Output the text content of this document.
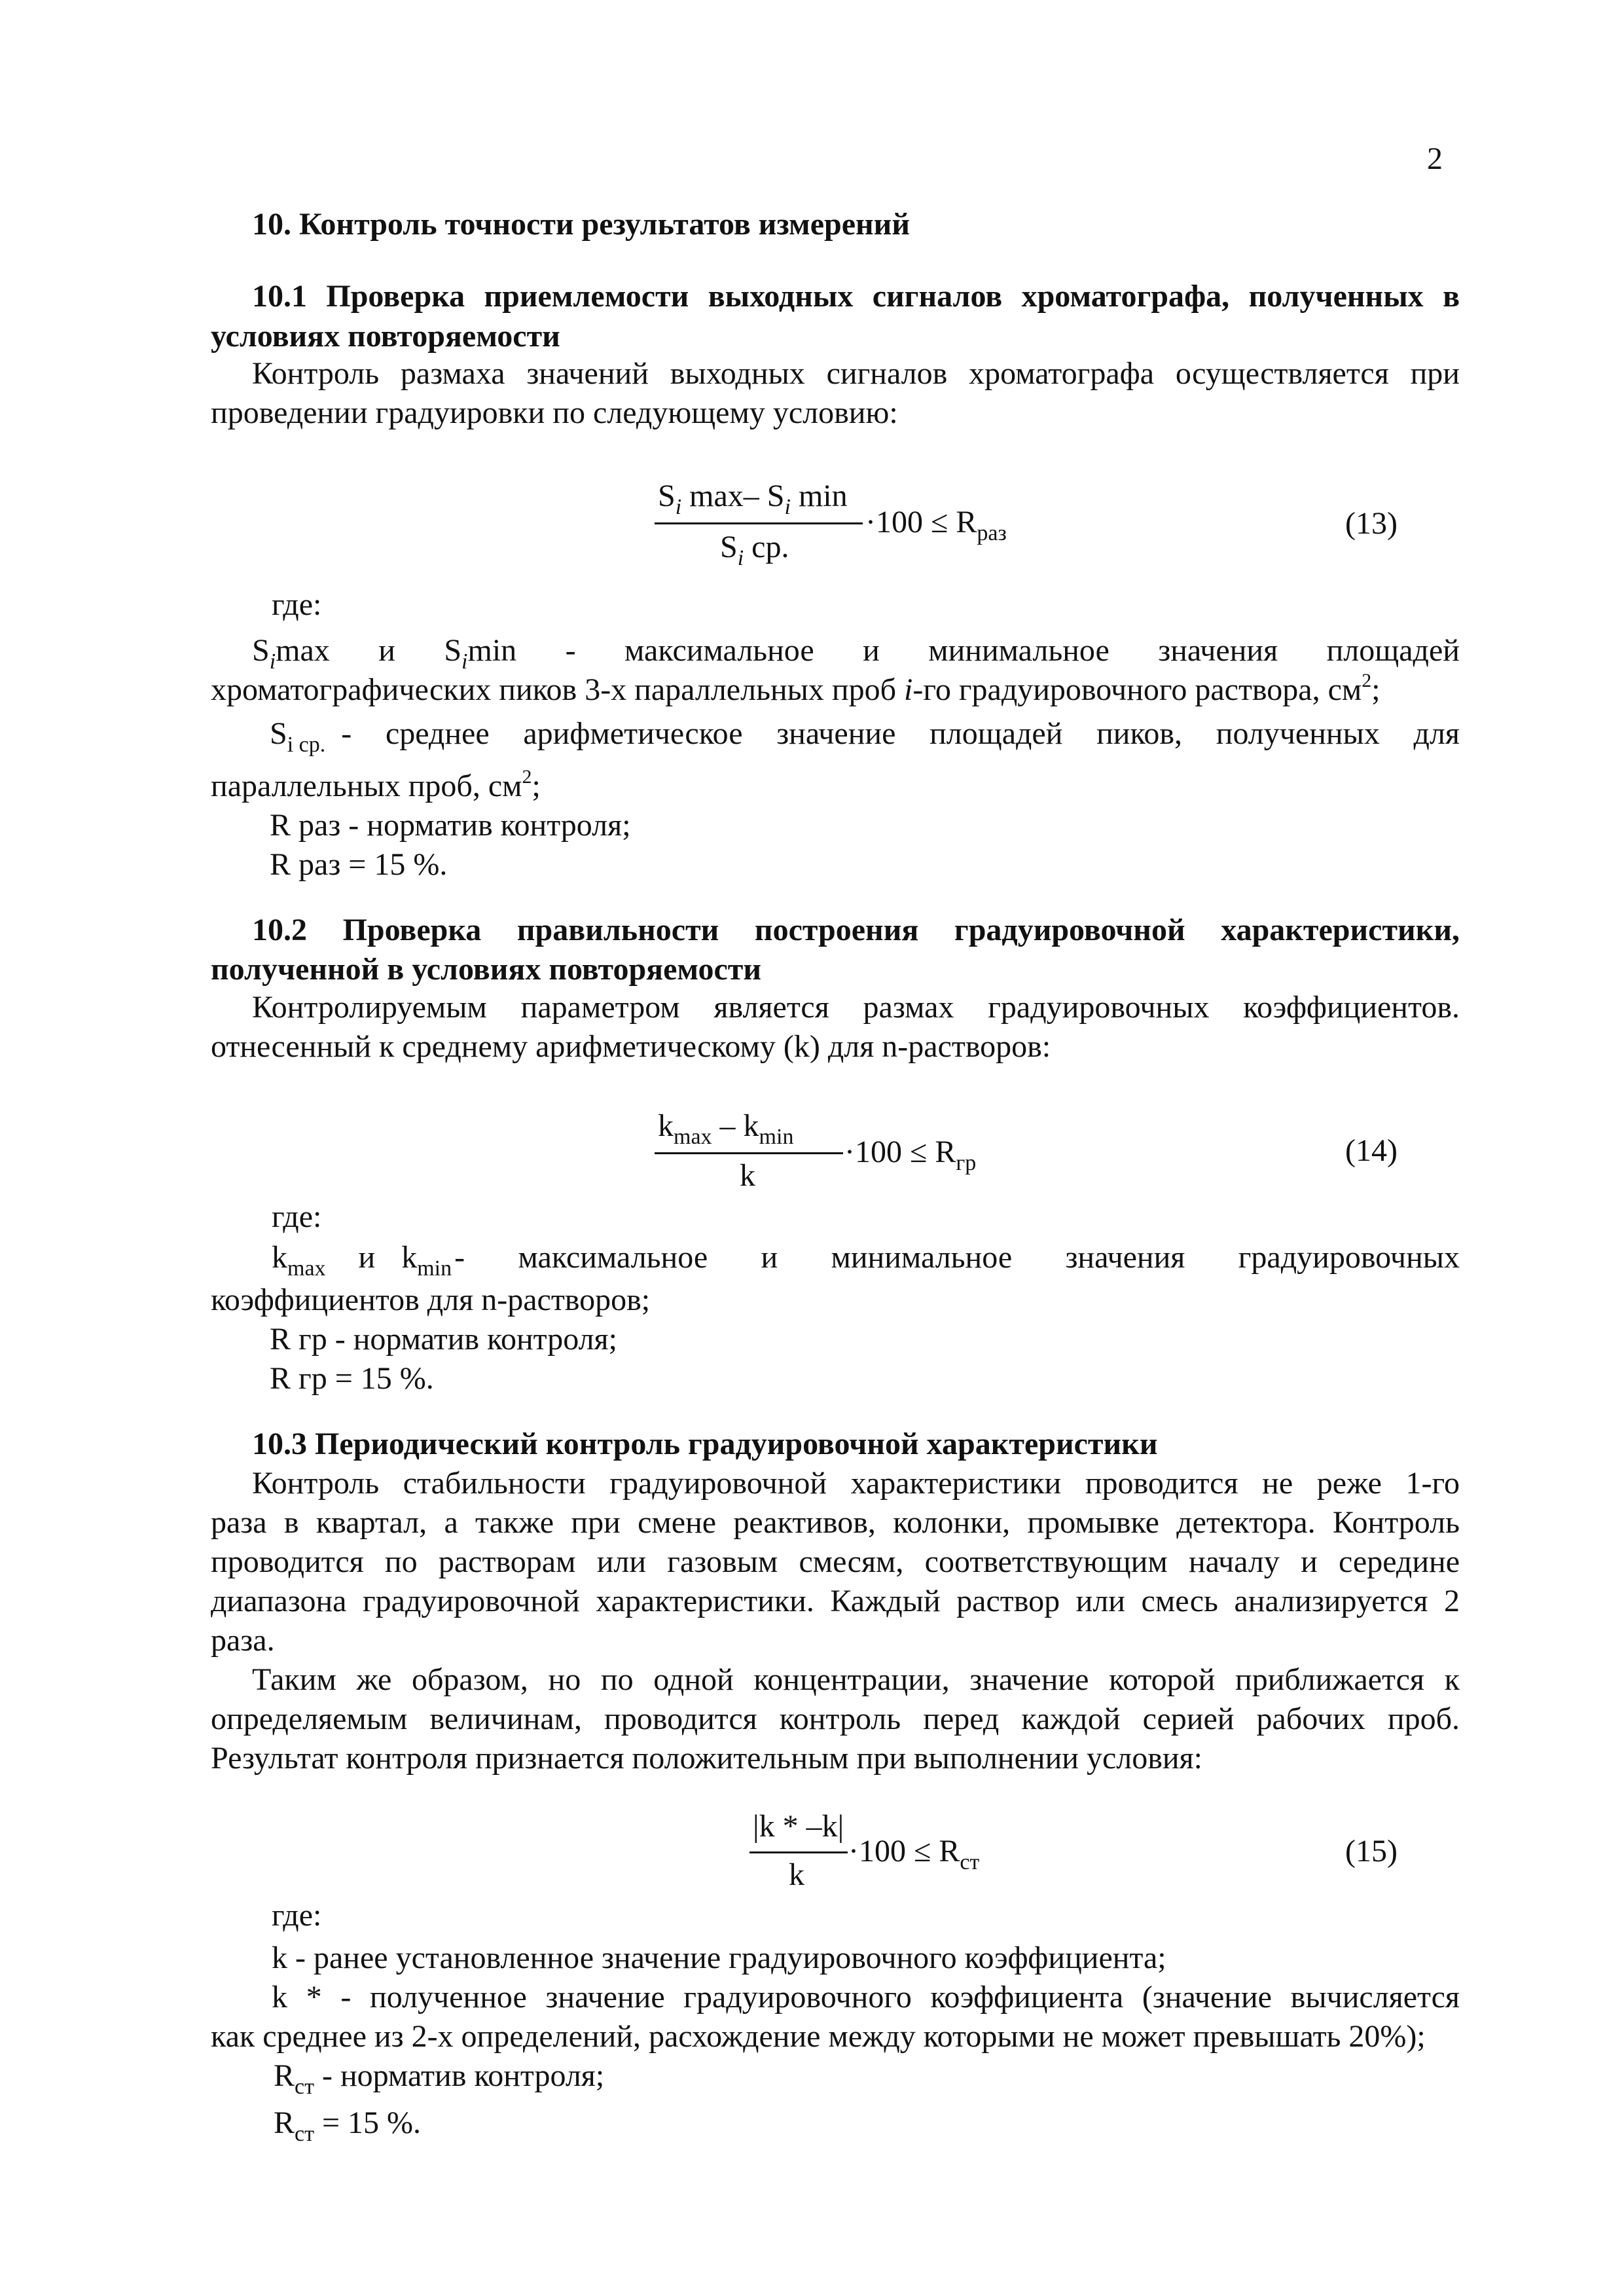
2
10. Контроль точности результатов измерений
10.1 Проверка приемлемости выходных сигналов хроматографа, полученных в
условиях повторяемости
Контроль размаха значений выходных сигналов хроматографа осуществляется при
проведении градуировки по следующему условию:
$S_i$ max– $S_i$ min
$S_i$ ср.
$\cdot 100 \le R_{раз}$	(13)
где:
$S_i\max$ и $S_i\min$ - максимальное и минимальное значения площадей
хроматографических пиков 3-х параллельных проб i-го градуировочного раствора, $см^2$;
$S_{i ср.}$ - среднее арифметическое значение площадей пиков, полученных для
параллельных проб, $см^2$;
R раз - норматив контроля;
R раз = 15 %.
10.2 Проверка правильности построения градуировочной характеристики,
полученной в условиях повторяемости
Контролируемым параметром является размах градуировочных коэффициентов.
отнесенный к среднему арифметическому (k) для n-растворов:
$k_{max} - k_{min}$
k
$\cdot 100 \le R_{гр}$	(14)
где:
$k_{max}$ и $k_{min}$ - максимальное и минимальное значения градуировочных
коэффициентов для n-растворов;
R гр - норматив контроля;
R гр = 15 %.
10.3 Периодический контроль градуировочной характеристики
Контроль стабильности градуировочной характеристики проводится не реже 1-го
раза в квартал, а также при смене реактивов, колонки, промывке детектора. Контроль
проводится по растворам или газовым смесям, соответствующим началу и середине
диапазона градуировочной характеристики. Каждый раствор или смесь анализируется 2
раза.
Таким же образом, но по одной концентрации, значение которой приближается к
определяемым величинам, проводится контроль перед каждой серией рабочих проб.
Результат контроля признается положительным при выполнении условия:
|k * –k|
k
$\cdot 100 \le R_{ст}$	(15)
где:
k - ранее установленное значение градуировочного коэффициента;
k * - полученное значение градуировочного коэффициента (значение вычисляется
как среднее из 2-х определений, расхождение между которыми не может превышать 20%);
$R_{ст}$ - норматив контроля;
$R_{ст} = 15$ %.
